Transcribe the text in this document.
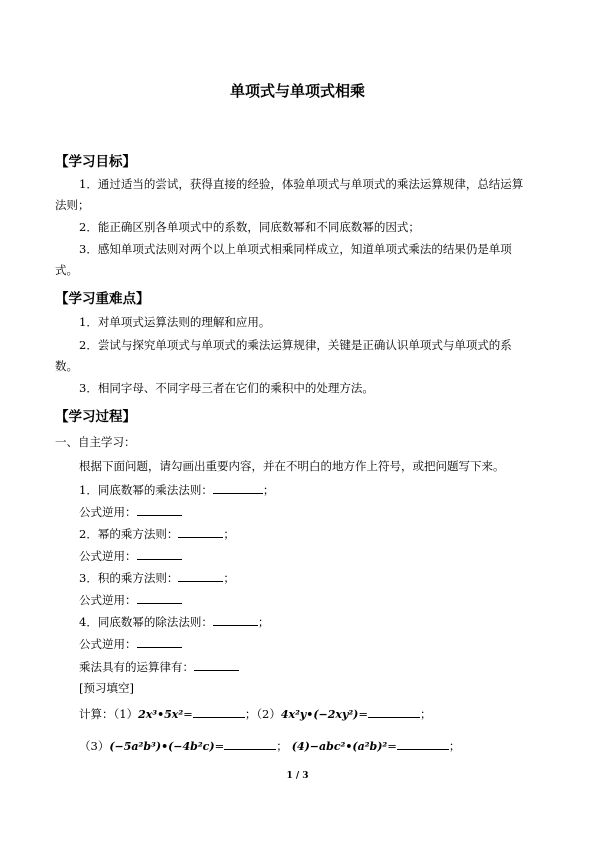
单项式与单项式相乘
【学习目标】
1．通过适当的尝试，获得直接的经验，体验单项式与单项式的乘法运算规律，总结运算
法则；
2．能正确区别各单项式中的系数，同底数幂和不同底数幂的因式；
3．感知单项式法则对两个以上单项式相乘同样成立，知道单项式乘法的结果仍是单项
式。
【学习重难点】
1．对单项式运算法则的理解和应用。
2．尝试与探究单项式与单项式的乘法运算规律，关键是正确认识单项式与单项式的系
数。
3．相同字母、不同字母三者在它们的乘积中的处理方法。
【学习过程】
一、自主学习：
根据下面问题，请勾画出重要内容，并在不明白的地方作上符号，或把问题写下来。
1．同底数幂的乘法法则：	；
公式逆用：
2．幂的乘方法则：	；
公式逆用：
3．积的乘方法则：	；
公式逆用：
4．同底数幂的除法法则：	；
公式逆用：
乘法具有的运算律有：
[预习填空]
计算：（1）2x³•5x²=	；（2）4x²y•(−2xy²)=	；
（3）(−5a²b³)•(−4b²c)=	； (4)−abc²•(a²b)²=	；
1 / 3
